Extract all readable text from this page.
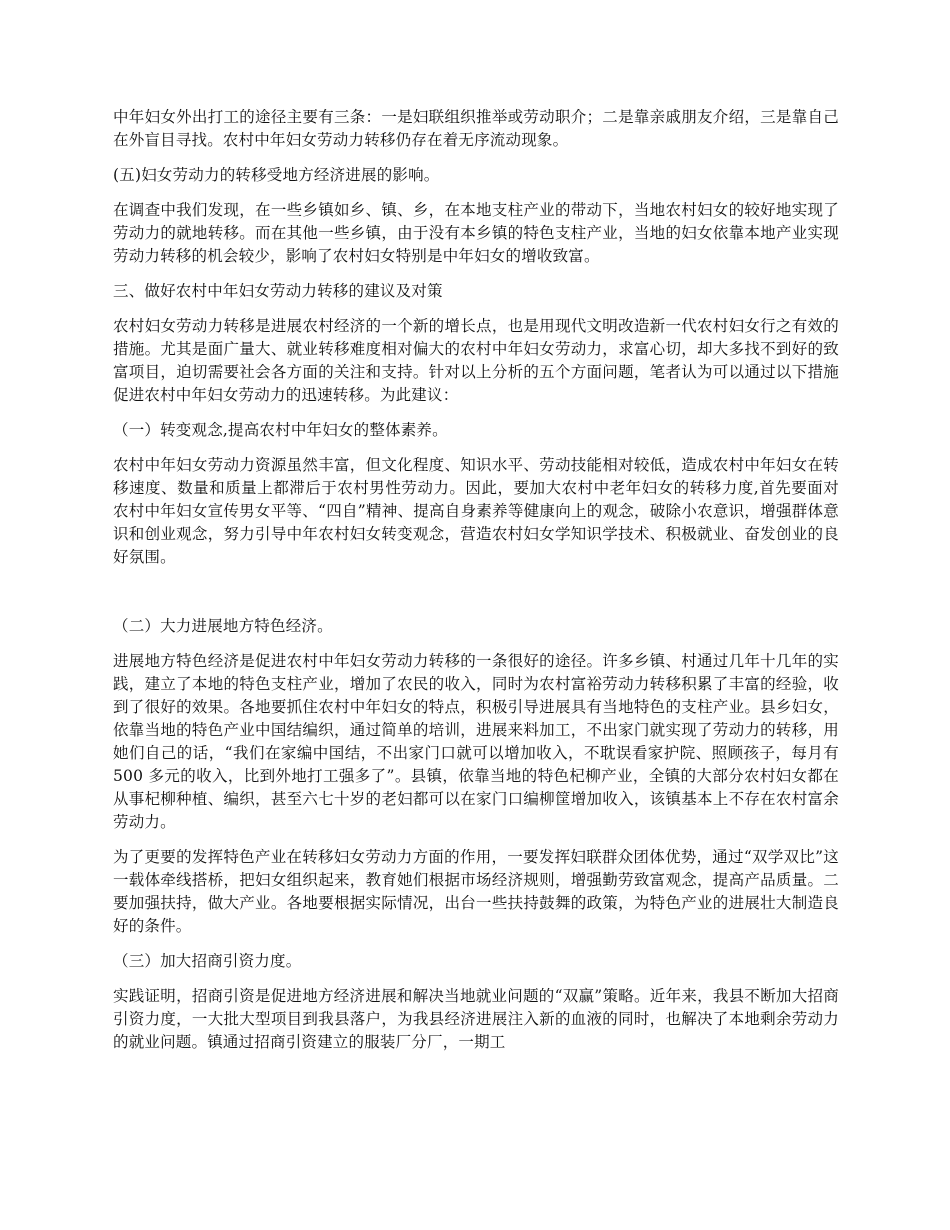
中年妇女外出打工的途径主要有三条：一是妇联组织推举或劳动职介；二是靠亲戚朋友介绍，三是靠自己在外盲目寻找。农村中年妇女劳动力转移仍存在着无序流动现象。

(五)妇女劳动力的转移受地方经济进展的影响。

在调查中我们发现，在一些乡镇如乡、镇、乡，在本地支柱产业的带动下，当地农村妇女的较好地实现了劳动力的就地转移。而在其他一些乡镇，由于没有本乡镇的特色支柱产业，当地的妇女依靠本地产业实现劳动力转移的机会较少，影响了农村妇女特别是中年妇女的增收致富。

三、做好农村中年妇女劳动力转移的建议及对策

农村妇女劳动力转移是进展农村经济的一个新的增长点，也是用现代文明改造新一代农村妇女行之有效的措施。尤其是面广量大、就业转移难度相对偏大的农村中年妇女劳动力，求富心切，却大多找不到好的致富项目，迫切需要社会各方面的关注和支持。针对以上分析的五个方面问题，笔者认为可以通过以下措施促进农村中年妇女劳动力的迅速转移。为此建议：

（一）转变观念,提高农村中年妇女的整体素养。

农村中年妇女劳动力资源虽然丰富，但文化程度、知识水平、劳动技能相对较低，造成农村中年妇女在转移速度、数量和质量上都滞后于农村男性劳动力。因此，要加大农村中老年妇女的转移力度,首先要面对农村中年妇女宣传男女平等、“四自”精神、提高自身素养等健康向上的观念，破除小农意识，增强群体意识和创业观念，努力引导中年农村妇女转变观念，营造农村妇女学知识学技术、积极就业、奋发创业的良好氛围。

（二）大力进展地方特色经济。

进展地方特色经济是促进农村中年妇女劳动力转移的一条很好的途径。许多乡镇、村通过几年十几年的实践，建立了本地的特色支柱产业，增加了农民的收入，同时为农村富裕劳动力转移积累了丰富的经验，收到了很好的效果。各地要抓住农村中年妇女的特点，积极引导进展具有当地特色的支柱产业。县乡妇女，依靠当地的特色产业中国结编织，通过简单的培训，进展来料加工，不出家门就实现了劳动力的转移，用她们自己的话，“我们在家编中国结，不出家门口就可以增加收入，不耽误看家护院、照顾孩子，每月有 500 多元的收入，比到外地打工强多了”。县镇，依靠当地的特色杞柳产业，全镇的大部分农村妇女都在从事杞柳种植、编织，甚至六七十岁的老妇都可以在家门口编柳筐增加收入，该镇基本上不存在农村富余劳动力。

为了更要的发挥特色产业在转移妇女劳动力方面的作用，一要发挥妇联群众团体优势，通过“双学双比”这一载体牵线搭桥，把妇女组织起来，教育她们根据市场经济规则，增强勤劳致富观念，提高产品质量。二要加强扶持，做大产业。各地要根据实际情况，出台一些扶持鼓舞的政策，为特色产业的进展壮大制造良好的条件。

（三）加大招商引资力度。

实践证明，招商引资是促进地方经济进展和解决当地就业问题的“双赢”策略。近年来，我县不断加大招商引资力度，一大批大型项目到我县落户，为我县经济进展注入新的血液的同时，也解决了本地剩余劳动力的就业问题。镇通过招商引资建立的服装厂分厂，一期工
